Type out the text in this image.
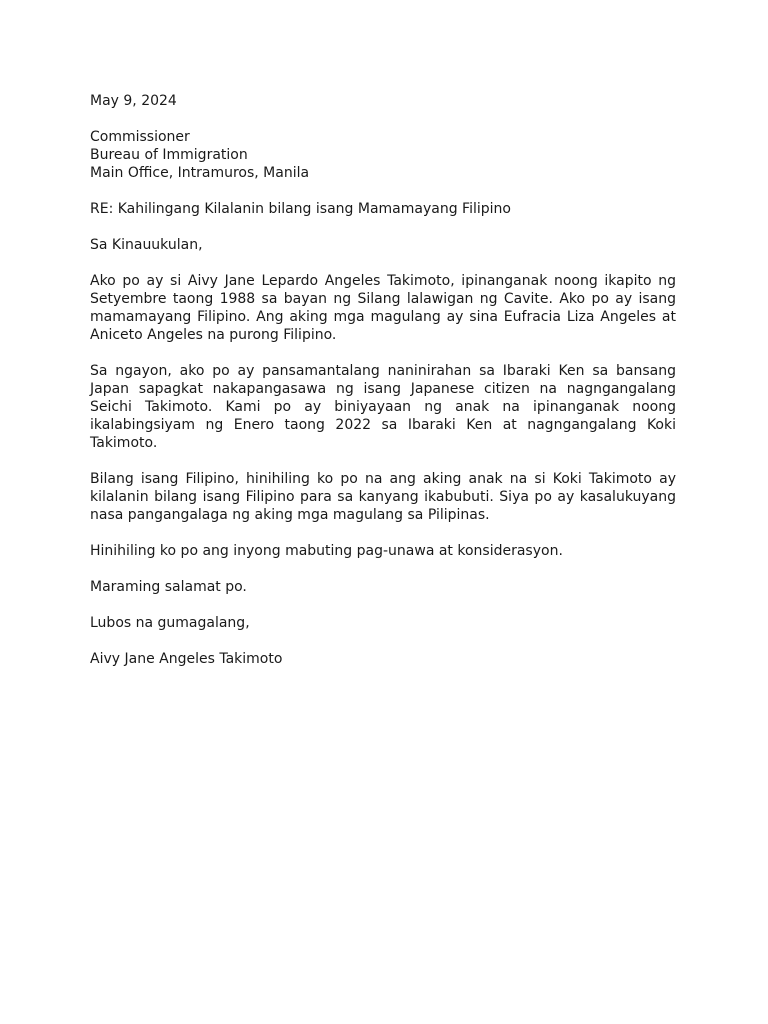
May 9, 2024
Commissioner
Bureau of Immigration
Main Office, Intramuros, Manila
RE: Kahilingang Kilalanin bilang isang Mamamayang Filipino
Sa Kinauukulan,

Ako po ay si Aivy Jane Lepardo Angeles Takimoto, ipinanganak noong ikapito ng Setyembre taong 1988 sa bayan ng Silang lalawigan ng Cavite. Ako po ay isang mamamayang Filipino. Ang aking mga magulang ay sina Eufracia Liza Angeles at Aniceto Angeles na purong Filipino.

Sa ngayon, ako po ay pansamantalang naninirahan sa Ibaraki Ken sa bansang Japan sapagkat nakapangasawa ng isang Japanese citizen na nagngangalang Seichi Takimoto. Kami po ay biniyayaan ng anak na ipinanganak noong ikalabingsiyam ng Enero taong 2022 sa Ibaraki Ken at nagngangalang Koki Takimoto.

Bilang isang Filipino, hinihiling ko po na ang aking anak na si Koki Takimoto ay kilalanin bilang isang Filipino para sa kanyang ikabubuti. Siya po ay kasalukuyang nasa pangangalaga ng aking mga magulang sa Pilipinas.

Hinihiling ko po ang inyong mabuting pag-unawa at konsiderasyon.

Maraming salamat po.

Lubos na gumagalang,
Aivy Jane Angeles Takimoto
